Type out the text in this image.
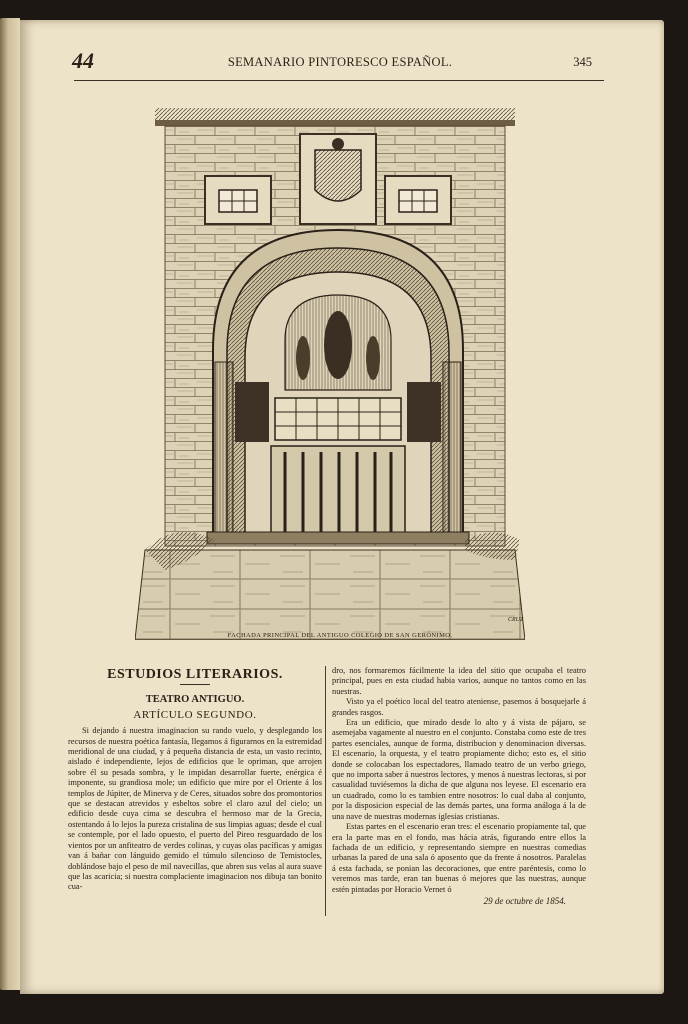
44	SEMANARIO PINTORESCO ESPAÑOL.	345
CRUZ
FACHADA PRINCIPAL DEL ANTIGUO COLEGIO DE SAN GERÓNIMO.
ESTUDIOS LITERARIOS.
TEATRO ANTIGUO.
ARTÍCULO SEGUNDO.

Si dejando á nuestra imaginacion su rando vuelo, y desplegando los recursos de nuestra poética fantasía, llegamos á figurarnos en la estremidad meridional de una ciudad, y á pequeña distancia de esta, un vasto recinto, aislado é independiente, lejos de edificios que le opriman, que arrojen sobre él su pesada sombra, y le impidan desarrollar fuerte, enérgica é imponente, su grandiosa mole; un edificio que mire por el Oriente á los templos de Júpiter, de Minerva y de Ceres, situados sobre dos promontorios que se destacan atrevidos y esbeltos sobre el claro azul del cielo; un edificio desde cuya cima se descubra el hermoso mar de la Grecia, ostentando á lo lejos la pureza cristalina de sus limpias aguas; desde el cual se contemple, por el lado opuesto, el puerto del Pireo resguardado de los vientos por un anfiteatro de verdes colinas, y cuyas olas pacíficas y amigas van á bañar con lánguido gemido el túmulo silencioso de Temistocles, doblándose bajo el peso de mil navecillas, que abren sus velas al aura suave que las acaricia; si nuestra complaciente imaginacion nos dibuja tan bonito cua-

dro, nos formaremos fácilmente la idea del sitio que ocupaba el teatro principal, pues en esta ciudad habia varios, aunque no tantos como en las nuestras.

Visto ya el poético local del teatro ateniense, pasemos á bosquejarle á grandes rasgos.

Era un edificio, que mirado desde lo alto y á vista de pájaro, se asemejaba vagamente al nuestro en el conjunto. Constaba como este de tres partes esenciales, aunque de forma, distribucion y denominacion diversas. El escenario, la orquesta, y el teatro propiamente dicho; esto es, el sitio donde se colocaban los espectadores, llamado teatro de un verbo griego, que no importa saber á nuestros lectores, y menos á nuestras lectoras, si por casualidad tuviésemos la dicha de que alguna nos leyese. El escenario era un cuadrado, como lo es tambien entre nosotros: lo cual daba al conjunto, por la disposicion especial de las demás partes, una forma análoga á la de una nave de nuestras modernas iglesias cristianas.

Estas partes en el escenario eran tres: el escenario propiamente tal, que era la parte mas en el fondo, mas hácia atrás, figurando entre ellos la fachada de un edificio, y representando siempre en nuestras comedias urbanas la pared de una sala ó aposento que da frente á nosotros. Paralelas á esta fachada, se ponian las decoraciones, que entre paréntesis, como lo veremos mas tarde, eran tan buenas ó mejores que las nuestras, aunque estén pintadas por Horacio Vernet ó

29 de octubre de 1854.
